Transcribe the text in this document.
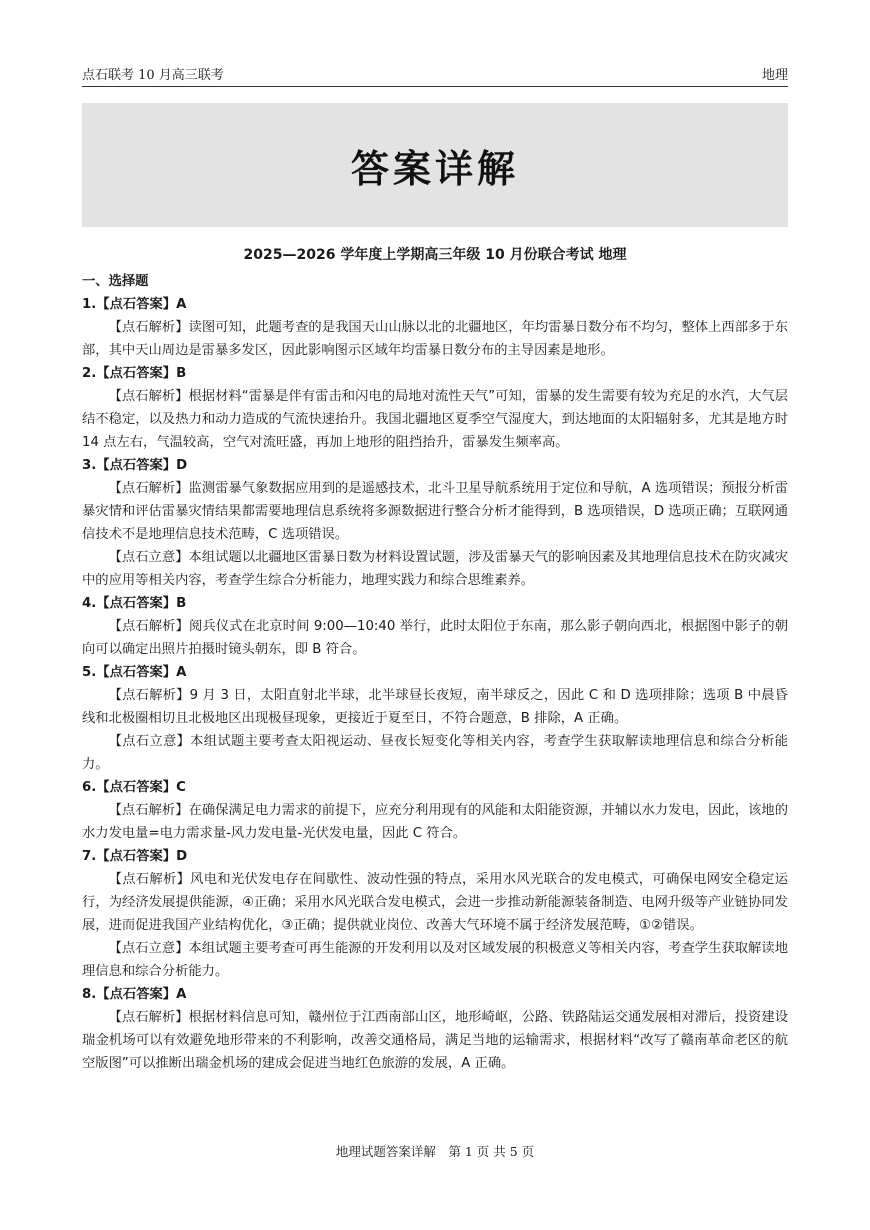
点石联考 10 月高三联考	地理
答案详解
2025—2026 学年度上学期高三年级 10 月份联合考试 地理

一、选择题

1.【点石答案】A

【点石解析】读图可知，此题考查的是我国天山山脉以北的北疆地区，年均雷暴日数分布不均匀，整体上西部多于东部，其中天山周边是雷暴多发区，因此影响图示区域年均雷暴日数分布的主导因素是地形。

2.【点石答案】B

【点石解析】根据材料“雷暴是伴有雷击和闪电的局地对流性天气”可知，雷暴的发生需要有较为充足的水汽，大气层结不稳定，以及热力和动力造成的气流快速抬升。我国北疆地区夏季空气湿度大，到达地面的太阳辐射多，尤其是地方时 14 点左右，气温较高，空气对流旺盛，再加上地形的阻挡抬升，雷暴发生频率高。

3.【点石答案】D

【点石解析】监测雷暴气象数据应用到的是遥感技术，北斗卫星导航系统用于定位和导航，A 选项错误；预报分析雷暴灾情和评估雷暴灾情结果都需要地理信息系统将多源数据进行整合分析才能得到，B 选项错误，D 选项正确；互联网通信技术不是地理信息技术范畴，C 选项错误。

【点石立意】本组试题以北疆地区雷暴日数为材料设置试题，涉及雷暴天气的影响因素及其地理信息技术在防灾减灾中的应用等相关内容，考查学生综合分析能力，地理实践力和综合思维素养。

4.【点石答案】B

【点石解析】阅兵仪式在北京时间 9:00—10:40 举行，此时太阳位于东南，那么影子朝向西北，根据图中影子的朝向可以确定出照片拍摄时镜头朝东，即 B 符合。

5.【点石答案】A

【点石解析】9 月 3 日，太阳直射北半球，北半球昼长夜短，南半球反之，因此 C 和 D 选项排除；选项 B 中晨昏线和北极圈相切且北极地区出现极昼现象，更接近于夏至日，不符合题意，B 排除，A 正确。

【点石立意】本组试题主要考查太阳视运动、昼夜长短变化等相关内容，考查学生获取解读地理信息和综合分析能力。

6.【点石答案】C

【点石解析】在确保满足电力需求的前提下，应充分利用现有的风能和太阳能资源，并辅以水力发电，因此，该地的水力发电量=电力需求量-风力发电量-光伏发电量，因此 C 符合。

7.【点石答案】D

【点石解析】风电和光伏发电存在间歇性、波动性强的特点，采用水风光联合的发电模式，可确保电网安全稳定运行，为经济发展提供能源，④正确；采用水风光联合发电模式，会进一步推动新能源装备制造、电网升级等产业链协同发展，进而促进我国产业结构优化，③正确；提供就业岗位、改善大气环境不属于经济发展范畴，①②错误。

【点石立意】本组试题主要考查可再生能源的开发利用以及对区域发展的积极意义等相关内容，考查学生获取解读地理信息和综合分析能力。

8.【点石答案】A

【点石解析】根据材料信息可知，赣州位于江西南部山区，地形崎岖，公路、铁路陆运交通发展相对滞后，投资建设瑞金机场可以有效避免地形带来的不利影响，改善交通格局，满足当地的运输需求，根据材料“改写了赣南革命老区的航空版图”可以推断出瑞金机场的建成会促进当地红色旅游的发展，A 正确。

地理试题答案详解　第 1 页 共 5 页
